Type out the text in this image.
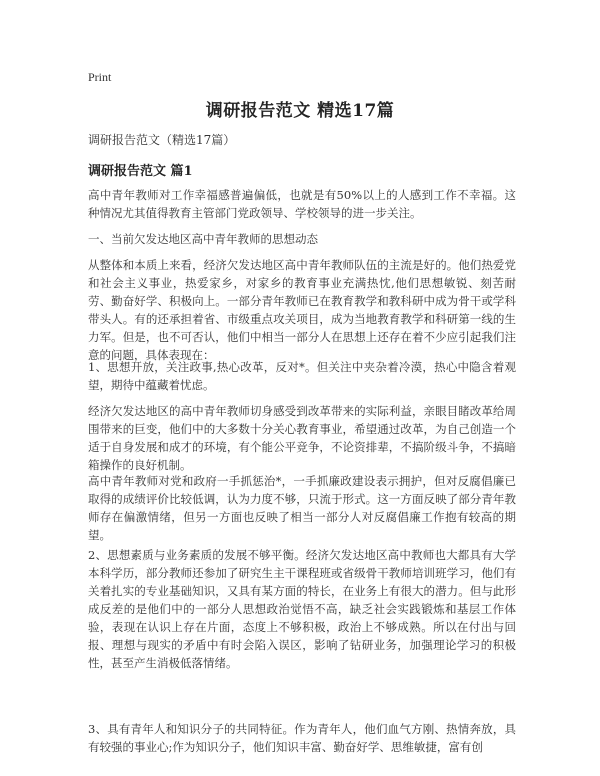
Print
调研报告范文 精选17篇
调研报告范文（精选17篇）
调研报告范文 篇1

高中青年教师对工作幸福感普遍偏低，也就是有50%以上的人感到工作不幸福。这种情况尤其值得教育主管部门党政领导、学校领导的进一步关注。

一、当前欠发达地区高中青年教师的思想动态

从整体和本质上来看，经济欠发达地区高中青年教师队伍的主流是好的。他们热爱党和社会主义事业，热爱家乡，对家乡的教育事业充满热忱,他们思想敏锐、刻苦耐劳、勤奋好学、积极向上。一部分青年教师已在教育教学和教科研中成为骨干或学科带头人。有的还承担着省、市级重点攻关项目，成为当地教育教学和科研第一线的生力军。但是，也不可否认，他们中相当一部分人在思想上还存在着不少应引起我们注意的问题，具体表现在：

1、思想开放，关注政事,热心改革，反对*。但关注中夹杂着冷漠，热心中隐含着观望，期待中蕴藏着忧虑。

经济欠发达地区的高中青年教师切身感受到改革带来的实际利益，亲眼目睹改革给周围带来的巨变，他们中的大多数十分关心教育事业，希望通过改革，为自己创造一个适于自身发展和成才的环境，有个能公平竞争，不论资排辈，不搞阶级斗争，不搞暗箱操作的良好机制。

高中青年教师对党和政府一手抓惩治*，一手抓廉政建设表示拥护，但对反腐倡廉已取得的成绩评价比较低调，认为力度不够，只流于形式。这一方面反映了部分青年教师存在偏激情绪，但另一方面也反映了相当一部分人对反腐倡廉工作抱有较高的期望。

2、思想素质与业务素质的发展不够平衡。经济欠发达地区高中教师也大都具有大学本科学历，部分教师还参加了研究生主干课程班或省级骨干教师培训班学习，他们有关着扎实的专业基础知识，又具有某方面的特长，在业务上有很大的潜力。但与此形成反差的是他们中的一部分人思想政治觉悟不高，缺乏社会实践锻炼和基层工作体验，表现在认识上存在片面，态度上不够积极，政治上不够成熟。所以在付出与回报、理想与现实的矛盾中有时会陷入误区，影响了钻研业务，加强理论学习的积极性，甚至产生消极低落情绪。

3、具有青年人和知识分子的共同特征。作为青年人，他们血气方刚、热情奔放，具有较强的事业心;作为知识分子，他们知识丰富、勤奋好学、思维敏捷，富有创
